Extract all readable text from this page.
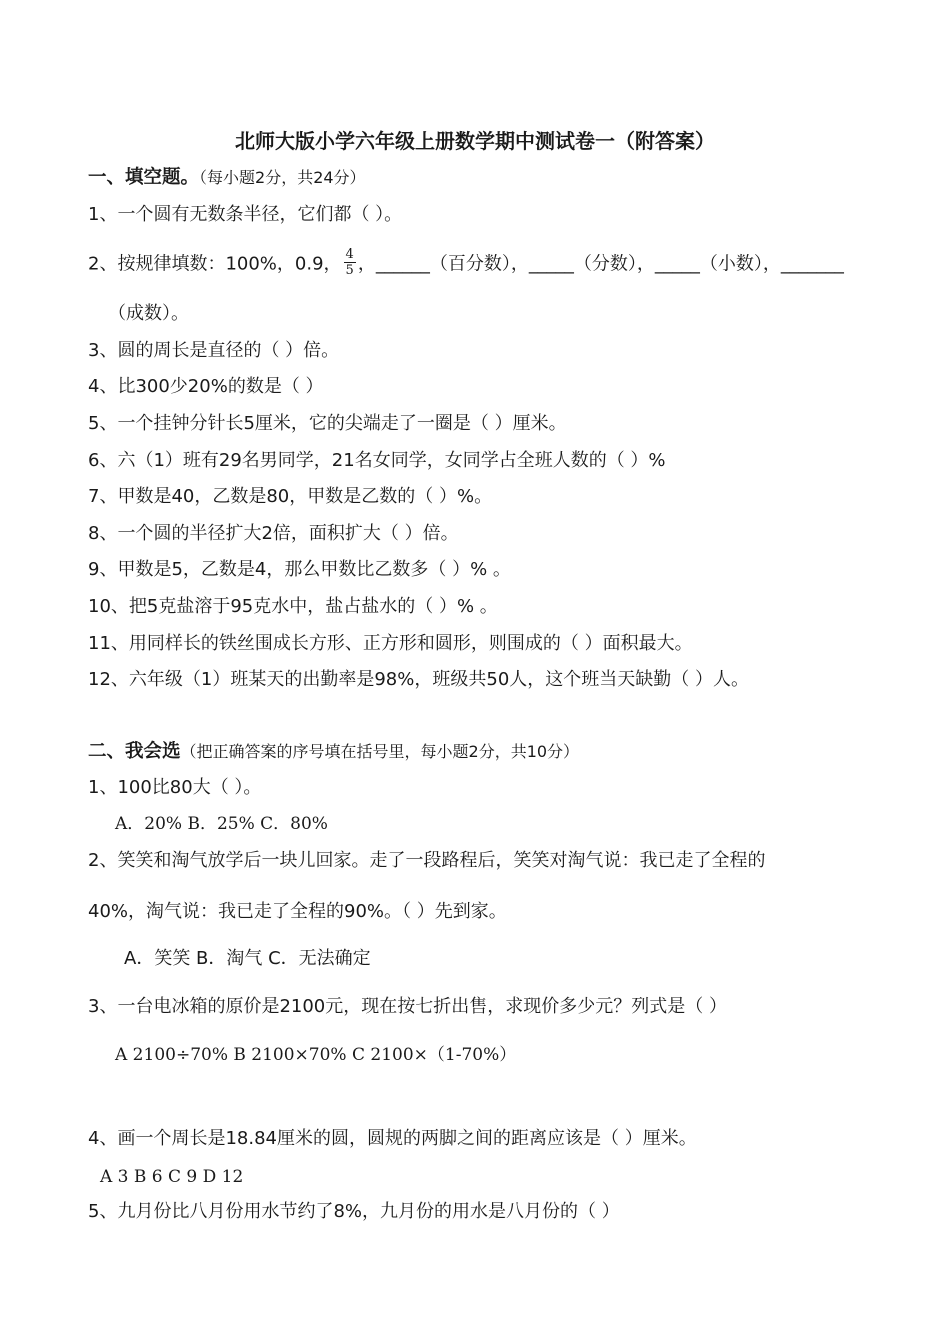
北师大版小学六年级上册数学期中测试卷一（附答案）
一、填空题。（每小题2分，共24分）
1、一个圆有无数条半径，它们都（ ）。
2、按规律填数：100%，0.9， $\frac{4}{5}$ ，______（百分数），_____（分数），_____（小数），_______
（成数）。
3、圆的周长是直径的（ ）倍。
4、比300少20%的数是（ ）
5、一个挂钟分针长5厘米，它的尖端走了一圈是（ ）厘米。
6、六（1）班有29名男同学，21名女同学，女同学占全班人数的（ ）%
7、甲数是40，乙数是80，甲数是乙数的（ ）%。
8、一个圆的半径扩大2倍，面积扩大（ ）倍。
9、甲数是5，乙数是4，那么甲数比乙数多（ ）% 。
10、把5克盐溶于95克水中，盐占盐水的（ ）% 。
11、用同样长的铁丝围成长方形、正方形和圆形，则围成的（ ）面积最大。
12、六年级（1）班某天的出勤率是98%，班级共50人，这个班当天缺勤（ ）人。
二、我会选（把正确答案的序号填在括号里，每小题2分，共10分）
1、100比80大（ ）。
A．20% B．25% C．80%
2、笑笑和淘气放学后一块儿回家。走了一段路程后，笑笑对淘气说：我已走了全程的
40%，淘气说：我已走了全程的90%。（ ）先到家。
A．笑笑 B．淘气 C．无法确定
3、一台电冰箱的原价是2100元，现在按七折出售，求现价多少元？列式是（ ）
A 2100÷70% B 2100×70% C 2100×（1-70%）
4、画一个周长是18.84厘米的圆，圆规的两脚之间的距离应该是（ ）厘米。
A 3 B 6 C 9 D 12
5、九月份比八月份用水节约了8%，九月份的用水是八月份的（ ）
